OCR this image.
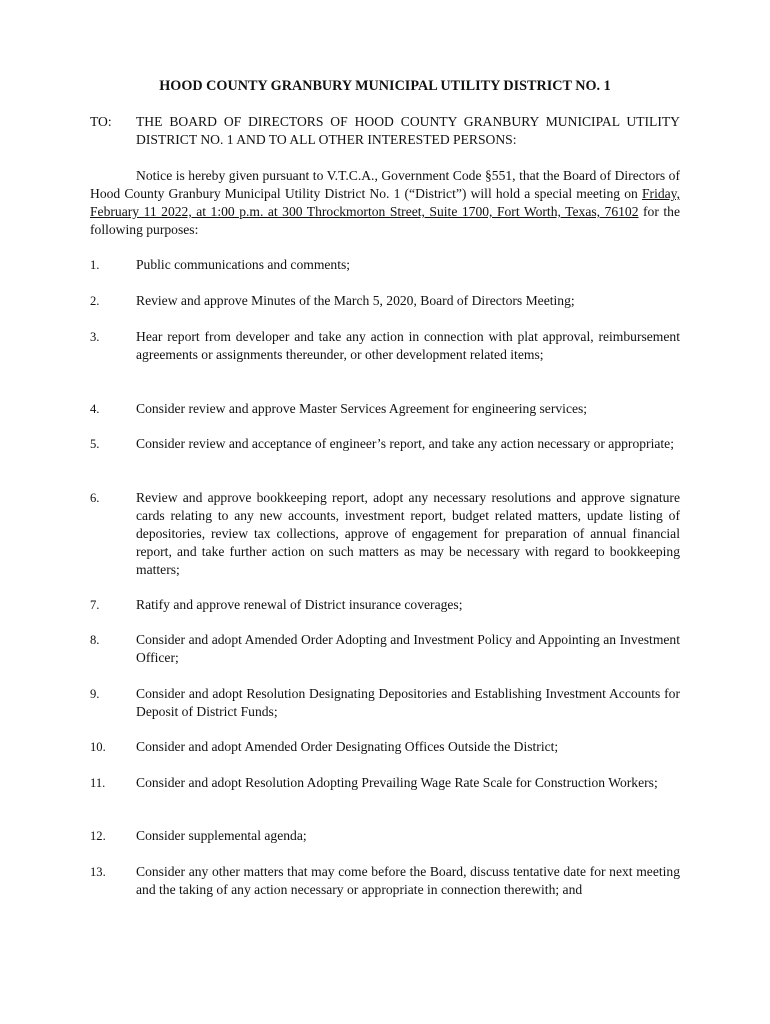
HOOD COUNTY GRANBURY MUNICIPAL UTILITY DISTRICT NO. 1
TO: THE BOARD OF DIRECTORS OF HOOD COUNTY GRANBURY MUNICIPAL UTILITY DISTRICT NO. 1 AND TO ALL OTHER INTERESTED PERSONS:
Notice is hereby given pursuant to V.T.C.A., Government Code §551, that the Board of Directors of Hood County Granbury Municipal Utility District No. 1 (“District”) will hold a special meeting on Friday, February 11 2022, at 1:00 p.m. at 300 Throckmorton Street, Suite 1700, Fort Worth, Texas, 76102 for the following purposes:
1.	Public communications and comments;
2.	Review and approve Minutes of the March 5, 2020, Board of Directors Meeting;
3.	Hear report from developer and take any action in connection with plat approval, reimbursement agreements or assignments thereunder, or other development related items;
4.	Consider review and approve Master Services Agreement for engineering services;
5.	Consider review and acceptance of engineer’s report, and take any action necessary or appropriate;
6.	Review and approve bookkeeping report, adopt any necessary resolutions and approve signature cards relating to any new accounts, investment report, budget related matters, update listing of depositories, review tax collections, approve of engagement for preparation of annual financial report, and take further action on such matters as may be necessary with regard to bookkeeping matters;
7.	Ratify and approve renewal of District insurance coverages;
8.	Consider and adopt Amended Order Adopting and Investment Policy and Appointing an Investment Officer;
9.	Consider and adopt Resolution Designating Depositories and Establishing Investment Accounts for Deposit of District Funds;
10. Consider and adopt Amended Order Designating Offices Outside the District;
11. Consider and adopt Resolution Adopting Prevailing Wage Rate Scale for Construction Workers;
12. Consider supplemental agenda;
13. Consider any other matters that may come before the Board, discuss tentative date for next meeting and the taking of any action necessary or appropriate in connection therewith; and
